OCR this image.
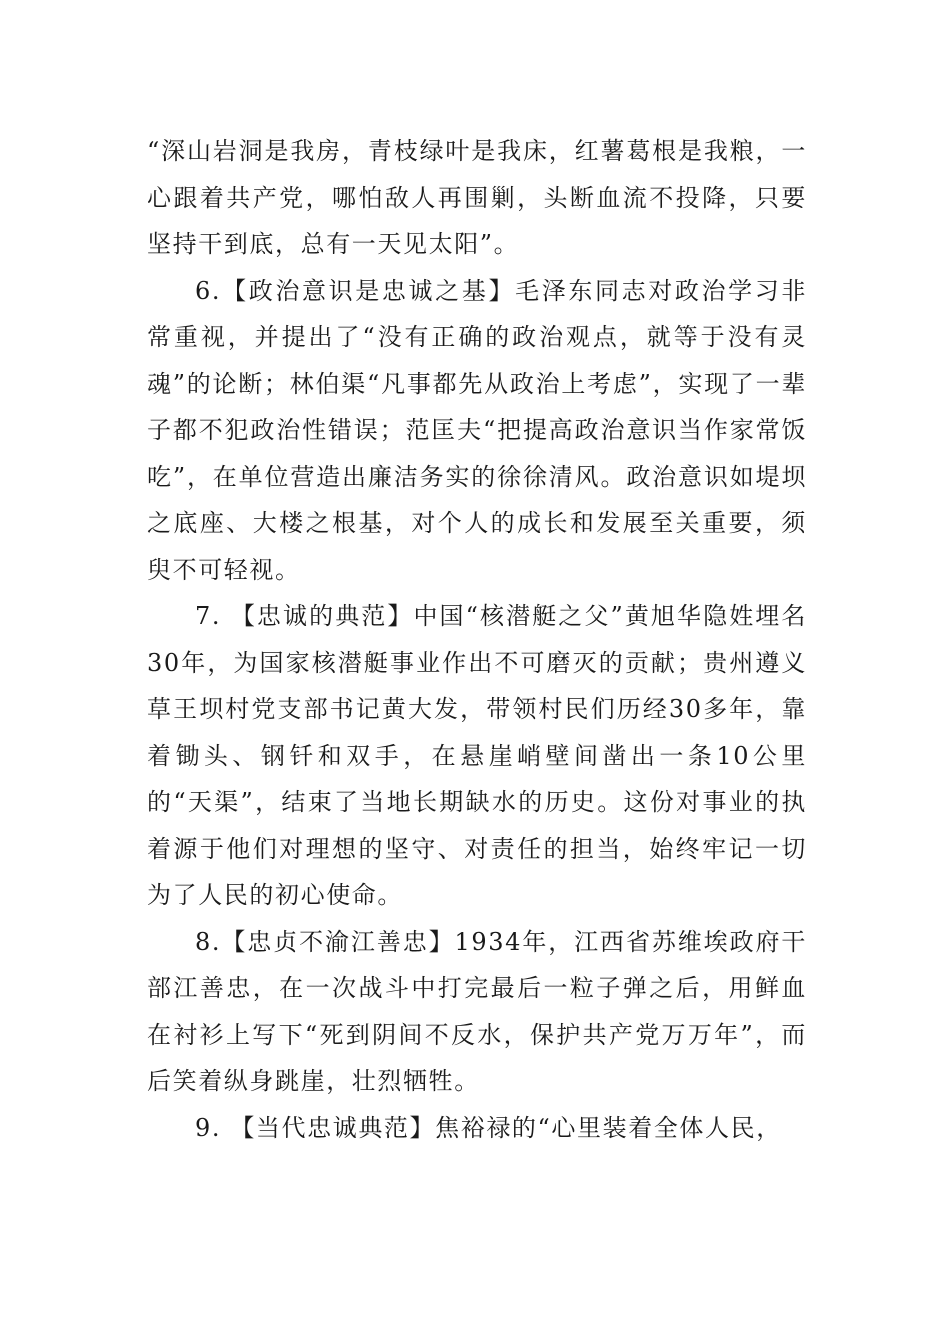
“深山岩洞是我房，青枝绿叶是我床，红薯葛根是我粮，一心跟着共产党，哪怕敌人再围剿，头断血流不投降，只要坚持干到底，总有一天见太阳”。

6.【政治意识是忠诚之基】毛泽东同志对政治学习非常重视，并提出了“没有正确的政治观点，就等于没有灵魂”的论断；林伯渠“凡事都先从政治上考虑”，实现了一辈子都不犯政治性错误；范匡夫“把提高政治意识当作家常饭吃”，在单位营造出廉洁务实的徐徐清风。政治意识如堤坝之底座、大楼之根基，对个人的成长和发展至关重要，须臾不可轻视。

7. 【忠诚的典范】中国“核潜艇之父”黄旭华隐姓埋名30年，为国家核潜艇事业作出不可磨灭的贡献；贵州遵义草王坝村党支部书记黄大发，带领村民们历经30多年，靠着锄头、钢钎和双手，在悬崖峭壁间凿出一条10公里的“天渠”，结束了当地长期缺水的历史。这份对事业的执着源于他们对理想的坚守、对责任的担当，始终牢记一切为了人民的初心使命。

8.【忠贞不渝江善忠】1934年，江西省苏维埃政府干部江善忠，在一次战斗中打完最后一粒子弹之后，用鲜血在衬衫上写下“死到阴间不反水，保护共产党万万年”，而后笑着纵身跳崖，壮烈牺牲。

9. 【当代忠诚典范】焦裕禄的“心里装着全体人民，
